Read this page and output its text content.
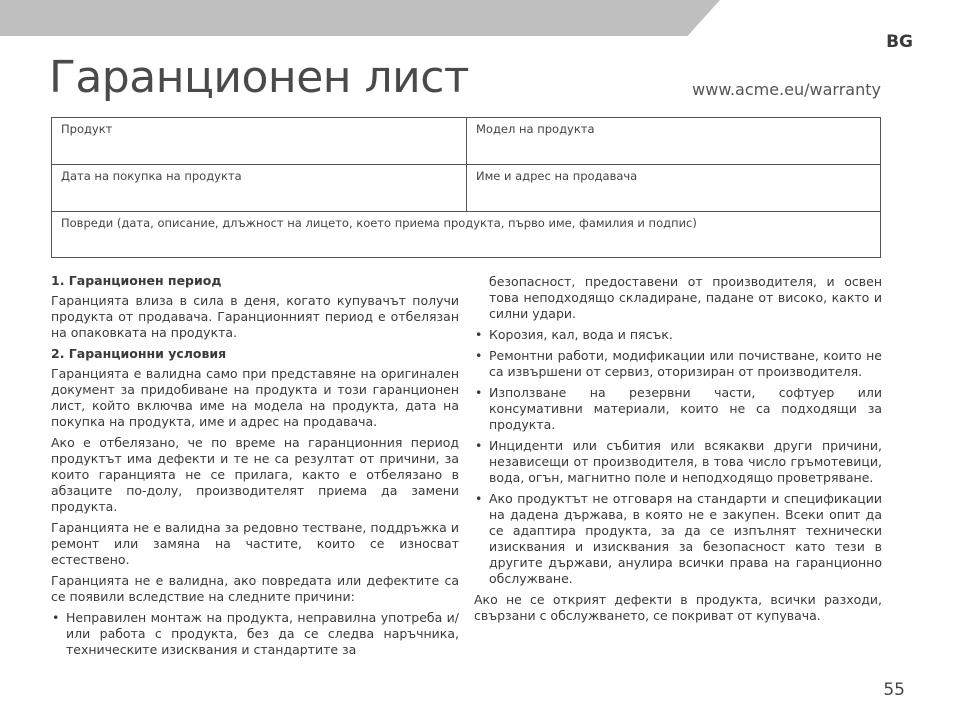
BG
Гаранционен лист	www.acme.eu/warranty
Продукт	Модел на продукта
Дата на покупка на продукта	Име и адрес на продавача
Повреди (дата, описание, длъжност на лицето, което приема продукта, първо име, фамилия и подпис)
1. Гаранционен период

Гаранцията влиза в сила в деня, когато купувачът получи продукта от продавача. Гаранционният период е отбелязан на опаковката на продукта.

2. Гаранционни условия

Гаранцията е валидна само при представяне на оригинален документ за придобиване на продукта и този гаранционен лист, който включва име на модела на продукта, дата на покупка на продукта, име и адрес на продавача.

Ако е отбелязано, че по време на гаранционния период продуктът има дефекти и те не са резултат от причини, за които гаранцията не се прилага, както е отбелязано в абзаците по-долу, производителят приема да замени продукта.

Гаранцията не е валидна за редовно тестване, поддръжка и ремонт или замяна на частите, които се износват естествено.

Гаранцията не е валидна, ако повредата или дефектите са се появили вследствие на следните причини:

• Неправилен монтаж на продукта, неправилна употреба и/или работа с продукта, без да се следва наръчника, техническите изисквания и стандартите за
безопасност, предоставени от производителя, и освен това неподходящо складиране, падане от високо, както и силни удари.
• Корозия, кал, вода и пясък.
• Ремонтни работи, модификации или почистване, които не са извършени от сервиз, оторизиран от производителя.
• Използване на резервни части, софтуер или консумативни материали, които не са подходящи за продукта.
• Инциденти или събития или всякакви други причини, независещи от производителя, в това число гръмотевици, вода, огън, магнитно поле и неподходящо проветряване.
• Ако продуктът не отговаря на стандарти и спецификации на дадена държава, в която не е закупен. Всеки опит да се адаптира продукта, за да се изпълнят технически изисквания и изисквания за безопасност като тези в другите държави, анулира всички права на гаранционно обслужване.

Ако не се открият дефекти в продукта, всички разходи, свързани с обслужването, се покриват от купувача.

55
